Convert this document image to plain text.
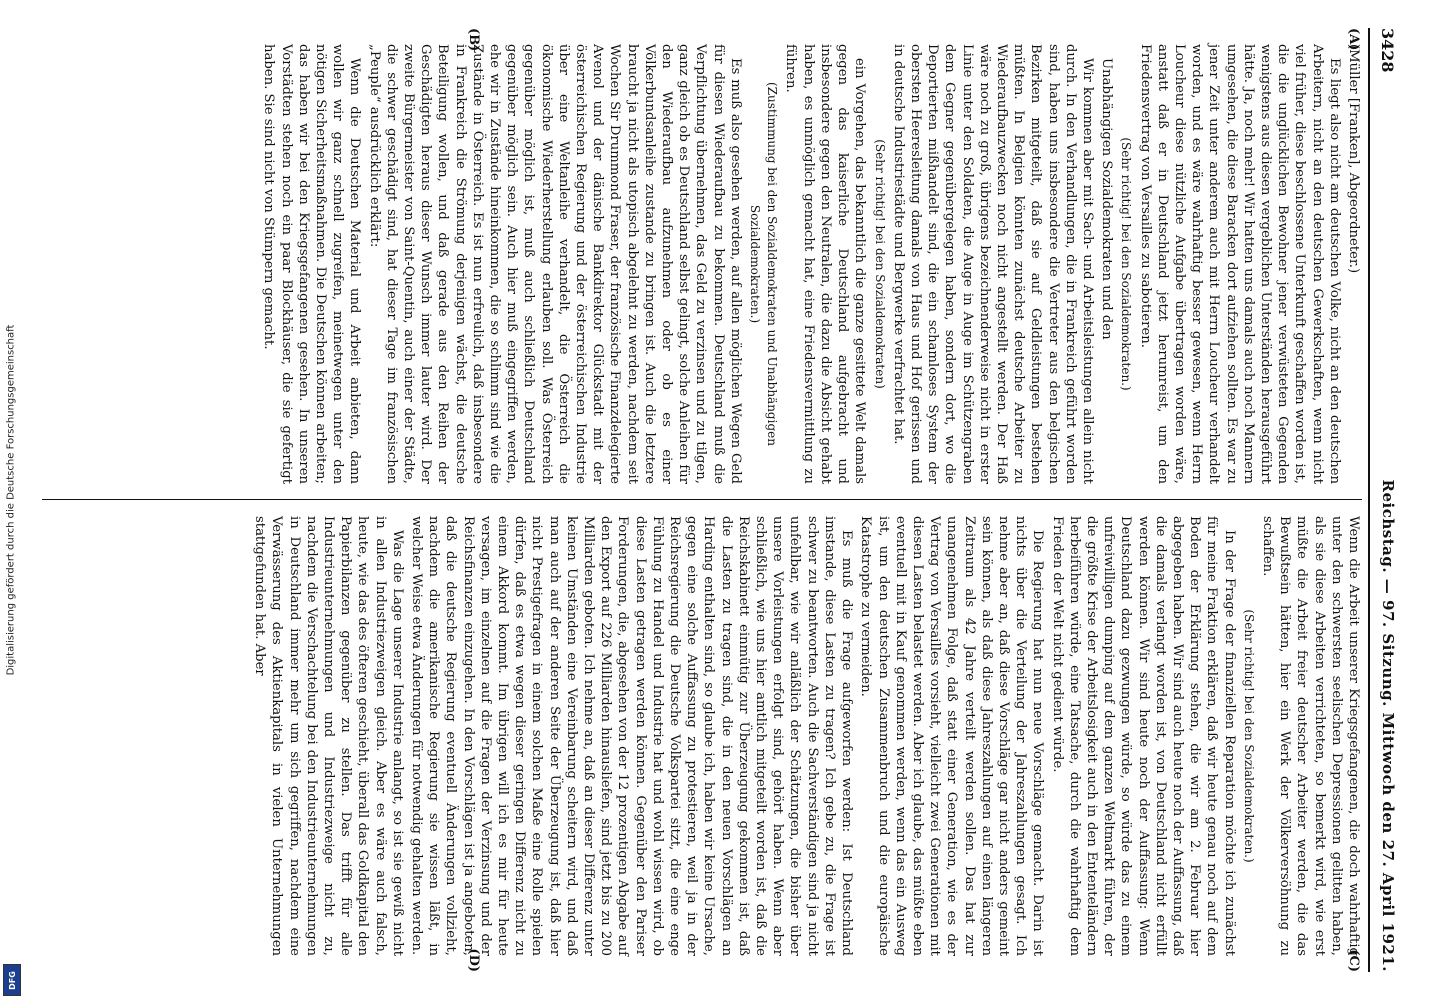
Digitalisierung gefördert durch die Deutsche Forschungsgemeinschaft
DFG
3428
Reichstag. — 97. Sitzung. Mittwoch den 27. April 1921.
(A)
(B)

(Müller [Franken], Abgeordneter.)

Es liegt also nicht am deutschen Volke, nicht an den deutschen Arbeitern, nicht an den deutschen Gewerkschaften, wenn nicht viel früher, diese beschlossene Unterkunft geschaffen worden ist, die die unglücklichen Bewohner jener verwüsteten Gegenden wenigstens aus diesen vergeblichen Unterständen herausgeführt hätte. Ja, noch mehr! Wir hatten uns damals auch noch Mannern umgesehen, die diese Baracken dort aufziehen sollten. Es war zu jener Zeit unter anderem auch mit Herrn Loucheur verhandelt worden, und es wäre wahrhaftig besser gewesen, wenn Herrn Loucheur diese nützliche Aufgabe übertragen worden wäre, anstatt daß er in Deutschland jetzt herumreist, um den Friedensvertrag von Versailles zu sabotieren.

(Sehr richtig! bei den Sozialdemokraten.)

Unabhängigen Sozialdemokraten und den

Wir kommen aber mit Sach- und Arbeitsleistungen allein nicht durch. In den Verhandlungen, die in Frankreich geführt worden sind, haben uns insbesondere die Vertreter aus den belgischen Bezirken mitgeteilt, daß sie auf Geldleistungen bestehen müßten. In Belgien könnten zunächst deutsche Arbeiter zu Wiederaufbauzwecken noch nicht angestellt werden. Der Haß wäre noch zu groß, übrigens bezeichnenderweise nicht in erster Linie unter den Soldaten, die Auge in Auge im Schützengraben dem Gegner gegenübergelegen haben, sondern dort, wo die Deportierten mißhandelt sind, die ein schamloses System der obersten Heeresleitung damals von Haus und Hof gerissen und in deutsche Industriestädte und Bergwerke verfrachtet hat.

(Sehr richtig! bei den Sozialdemokraten)

ein Vorgehen, das bekanntlich die ganze gesittete Welt damals gegen das kaiserliche Deutschland aufgebracht und insbesondere gegen den Neutralen, die dazu die Absicht gehabt haben, es unmöglich gemacht hat, eine Friedensvermittlung zu führen.

(Zustimmung bei den Sozialdemokraten und Unabhängigen Sozialdemokraten.)

Es muß also gesehen werden, auf allen möglichen Wegen Geld für diesen Wiederaufbau zu bekommen. Deutschland muß die Verpflichtung übernehmen, das Geld zu verzinsen und zu tilgen, ganz gleich ob es Deutschland selbst gelingt, solche Anleihen für den Wiederaufbau aufzunehmen oder ob es einer Völkerbundsanleihe zustande zu bringen ist. Auch die letztere braucht ja nicht als utopisch abgelehnt zu werden, nachdem seit Wochen Sir Drummond Fraser, der französische Finanzdelegierte Avenol und der dänische Bankdirektor Glückstadt mit der österreichischen Regierung und der österreichischen Industrie über eine Weltanleihe verhandelt, die Österreich die ökonomische Wiederherstellung erlauben soll. Was Österreich gegenüber möglich ist, muß auch schließlich Deutschland gegenüber möglich sein. Auch hier muß eingegriffen werden, ehe wir in Zustände hineinkommen, die so schlimm sind wie die Zustände in Österreich. Es ist nun erfreulich, daß insbesondere in Frankreich die Strömung derjenigen wächst, die deutsche Beteiligung wollen, und daß gerade aus den Reihen der Geschädigten heraus dieser Wunsch immer lauter wird. Der zweite Bürgermeister von Saint-Quentin, auch einer der Städte, die schwer geschädigt sind, hat dieser Tage im französischen „Peuple“ ausdrücklich erklärt:

Wenn die Deutschen Material und Arbeit anbieten, dann wollen wir ganz schnell zugreifen, meinetwegen unter den nötigen Sicherheitsmaßnahmen. Die Deutschen können arbeiten; das haben wir bei den Kriegsgefangenen gesehen. In unseren Vorstädten stehen noch ein paar Blockhäuser, die sie gefertigt haben. Sie sind nicht von Stümpern gemacht.

(C)
(D)

Wenn die Arbeit unserer Kriegsgefangenen, die doch wahrhaftig unter den schwersten seelischen Depressionen gelitten haben, als sie diese Arbeiten verrichteten, so bemerkt wird, wie erst müßte die Arbeit freier deutscher Arbeiter werden, die das Bewußtsein hätten, hier ein Werk der Völkerversöhnung zu schaffen.

(Sehr richtig! bei den Sozialdemokraten.)

In der Frage der finanziellen Reparation möchte ich zunächst für meine Fraktion erklären, daß wir heute genau noch auf dem Boden der Erklärung stehen, die wir am 2. Februar hier abgegeben haben. Wir sind auch heute noch der Auffassung, daß die damals verlangt worden ist, von Deutschland nicht erfüllt werden können. Wir sind heute noch der Auffassung: Wenn Deutschland dazu gezwungen würde, so würde das zu einem unfreiwilligen dumping auf dem ganzen Weltmarkt führen, der die größte Krise der Arbeitslosigkeit auch in den Ententeländern herbeiführen würde, eine Tatsache, durch die wahrhaftig dem Frieden der Welt nicht gedient würde.

Die Regierung hat nun neue Vorschläge gemacht. Darin ist nichts über die Verteilung der Jahreszahlungen gesagt. Ich nehme aber an, daß diese Vorschläge gar nicht anders gemeint sein können, als daß diese Jahreszahlungen auf einen längeren Zeitraum als 42 Jahre verteilt werden sollen. Das hat zur unangenehmen Folge, daß statt einer Generation, wie es der Vertrag von Versailles vorsieht, vielleicht zwei Generationen mit diesen Lasten belastet werden. Aber ich glaube, das müßte eben eventuell mit in Kauf genommen werden, wenn das ein Ausweg ist, um den deutschen Zusammenbruch und die europäische Katastrophe zu vermeiden.

Es muß die Frage aufgeworfen werden: Ist Deutschland imstande, diese Lasten zu tragen? Ich gebe zu, die Frage ist schwer zu beantworten. Auch die Sachverständigen sind ja nicht unfehlbar, wie wir anläßlich der Schätzungen, die bisher über unsere Vorleistungen erfolgt sind, gehört haben. Wenn aber schließlich, wie uns hier amtlich mitgeteilt worden ist, daß die Reichskabinett einmütig zur Überzeugung gekommen ist, daß die Lasten zu tragen sind, die in den neuen Vorschlägen an Harding enthalten sind, so glaube ich, haben wir keine Ursache, gegen eine solche Auffassung zu protestieren, weil ja in der Reichsregierung die Deutsche Volkspartei sitzt, die eine enge Fühlung zu Handel und Industrie hat und wohl wissen wird, ob diese Lasten getragen werden können. Gegenüber den Pariser Forderungen, die, abgesehen von der 12 prozentigen Abgabe auf den Export auf 226 Milliarden hinausliefen, sind jetzt bis zu 200 Milliarden geboten. Ich nehme an, daß an dieser Differenz unter keinen Umständen eine Vereinbarung scheitern wird, und daß man auch auf der anderen Seite der Überzeugung ist, daß hier nicht Prestigefragen in einem solchen Maße eine Rolle spielen dürfen, daß es etwa wegen dieser geringen Differenz nicht zu einem Akkord kommt. Im übrigen will ich es mir für heute versagen, im einzelnen auf die Fragen der Verzinsung und der Reichsfinanzen einzugehen. In den Vorschlägen ist ja angeboten, daß die deutsche Regierung eventuell Änderungen vollzieht, nachdem die amerikanische Regierung sie wissen läßt, in welcher Weise etwa Änderungen für notwendig gehalten werden.

Was die Lage unserer Industrie anlangt, so ist sie gewiß nicht in allen Industriezweigen gleich. Aber es wäre auch falsch, heute, wie das des öfteren geschieht, überall das Goldkapital den Papierbilanzen gegenüber zu stellen. Das trifft für alle Industrieunternehmungen und Industriezweige nicht zu, nachdem die Verschachtelung bei den Industrieunternehmungen in Deutschland immer mehr um sich gegriffen, nachdem eine Verwässerung des Aktienkapitals in vielen Unternehmungen stattgefunden hat. Aber
